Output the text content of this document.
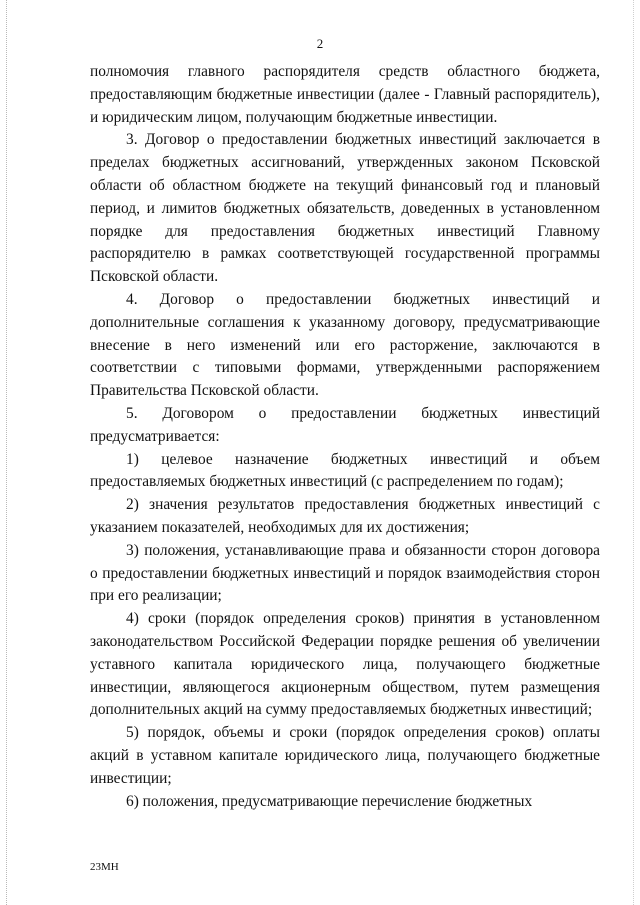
2

полномочия главного распорядителя средств областного бюджета, предоставляющим бюджетные инвестиции (далее - Главный распорядитель), и юридическим лицом, получающим бюджетные инвестиции.

3. Договор о предоставлении бюджетных инвестиций заключается в пределах бюджетных ассигнований, утвержденных законом Псковской области об областном бюджете на текущий финансовый год и плановый период, и лимитов бюджетных обязательств, доведенных в установленном порядке для предоставления бюджетных инвестиций Главному распорядителю в рамках соответствующей государственной программы Псковской области.

4. Договор о предоставлении бюджетных инвестиций и дополнительные соглашения к указанному договору, предусматривающие внесение в него изменений или его расторжение, заключаются в соответствии с типовыми формами, утвержденными распоряжением Правительства Псковской области.

5. Договором о предоставлении бюджетных инвестиций предусматривается:

1) целевое назначение бюджетных инвестиций и объем предоставляемых бюджетных инвестиций (с распределением по годам);

2) значения результатов предоставления бюджетных инвестиций с указанием показателей, необходимых для их достижения;

3) положения, устанавливающие права и обязанности сторон договора о предоставлении бюджетных инвестиций и порядок взаимодействия сторон при его реализации;

4) сроки (порядок определения сроков) принятия в установленном законодательством Российской Федерации порядке решения об увеличении уставного капитала юридического лица, получающего бюджетные инвестиции, являющегося акционерным обществом, путем размещения дополнительных акций на сумму предоставляемых бюджетных инвестиций;

5) порядок, объемы и сроки (порядок определения сроков) оплаты акций в уставном капитале юридического лица, получающего бюджетные инвестиции;

6) положения, предусматривающие перечисление бюджетных

23МН
